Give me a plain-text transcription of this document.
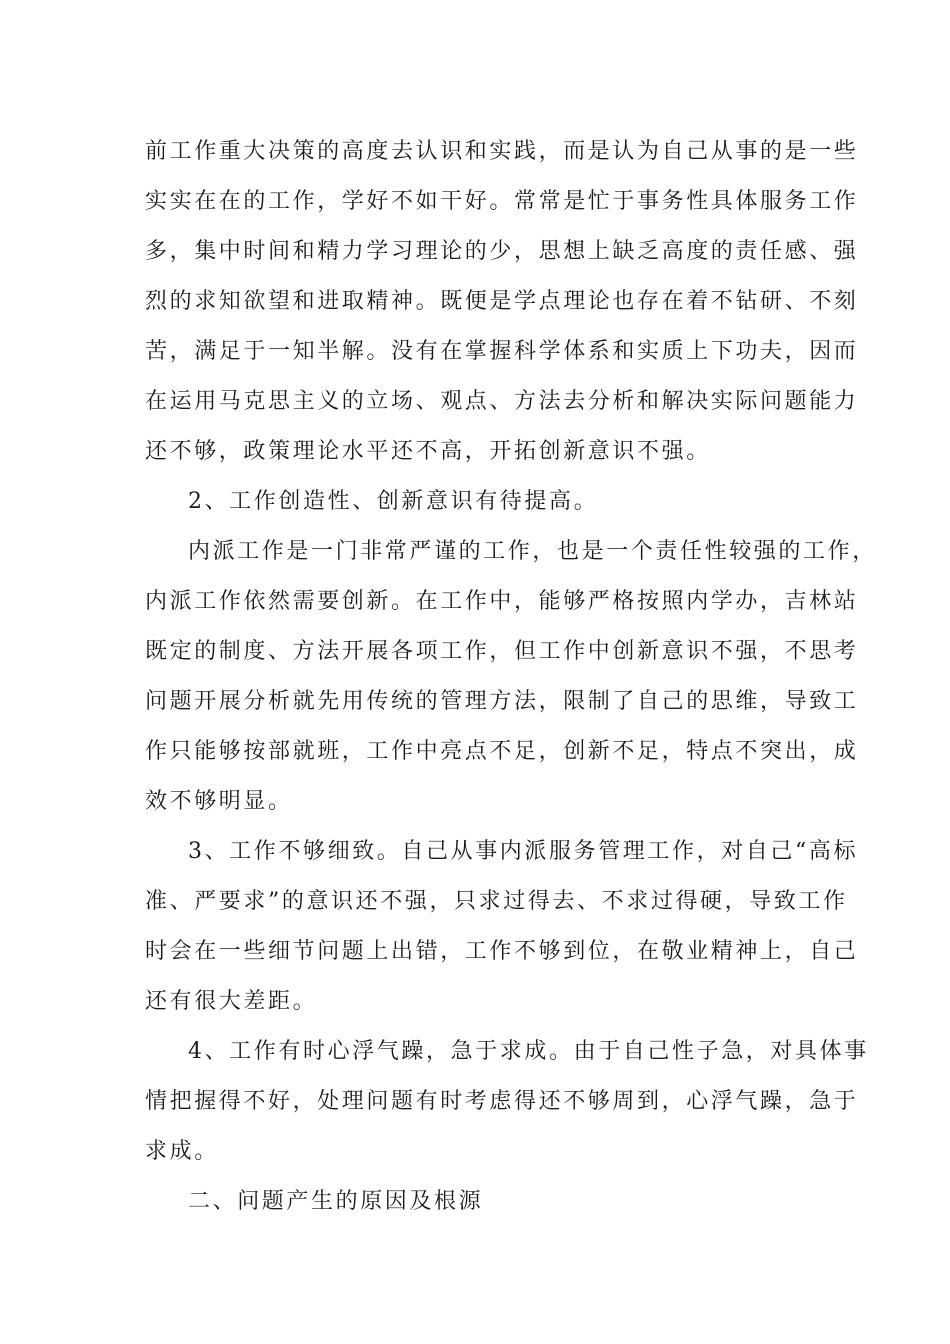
前工作重大决策的高度去认识和实践，而是认为自己从事的是一些

实实在在的工作，学好不如干好。常常是忙于事务性具体服务工作

多，集中时间和精力学习理论的少，思想上缺乏高度的责任感、强

烈的求知欲望和进取精神。既便是学点理论也存在着不钻研、不刻

苦，满足于一知半解。没有在掌握科学体系和实质上下功夫，因而

在运用马克思主义的立场、观点、方法去分析和解决实际问题能力

还不够，政策理论水平还不高，开拓创新意识不强。

2、工作创造性、创新意识有待提高。

内派工作是一门非常严谨的工作，也是一个责任性较强的工作，

内派工作依然需要创新。在工作中，能够严格按照内学办，吉林站

既定的制度、方法开展各项工作，但工作中创新意识不强，不思考

问题开展分析就先用传统的管理方法，限制了自己的思维，导致工

作只能够按部就班，工作中亮点不足，创新不足，特点不突出，成

效不够明显。

3、工作不够细致。自己从事内派服务管理工作，对自己“高标

准、严要求”的意识还不强，只求过得去、不求过得硬，导致工作

时会在一些细节问题上出错，工作不够到位，在敬业精神上，自己

还有很大差距。

4、工作有时心浮气躁，急于求成。由于自己性子急，对具体事

情把握得不好，处理问题有时考虑得还不够周到，心浮气躁，急于

求成。

二、问题产生的原因及根源
